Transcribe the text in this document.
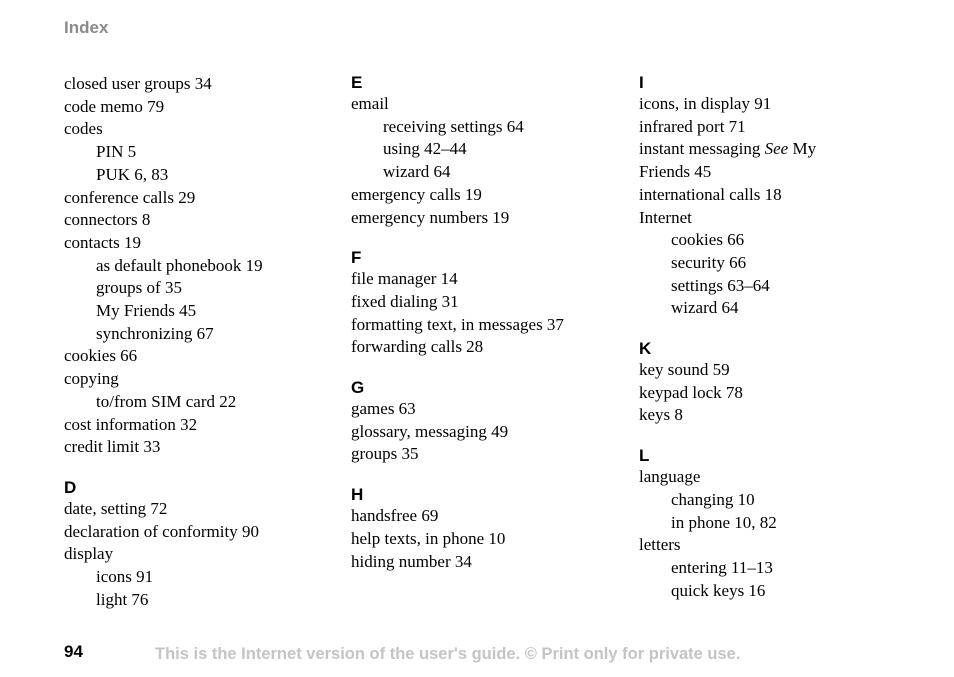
Index
closed user groups 34
code memo 79
codes
PIN 5
PUK 6, 83
conference calls 29
connectors 8
contacts 19
as default phonebook 19
groups of 35
My Friends 45
synchronizing 67
cookies 66
copying
to/from SIM card 22
cost information 32
credit limit 33
D
date, setting 72
declaration of conformity 90
display
icons 91
light 76
E
email
receiving settings 64
using 42–44
wizard 64
emergency calls 19
emergency numbers 19
F
file manager 14
fixed dialing 31
formatting text, in messages 37
forwarding calls 28
G
games 63
glossary, messaging 49
groups 35
H
handsfree 69
help texts, in phone 10
hiding number 34
I
icons, in display 91
infrared port 71
instant messaging See My
Friends 45
international calls 18
Internet
cookies 66
security 66
settings 63–64
wizard 64
K
key sound 59
keypad lock 78
keys 8
L
language
changing 10
in phone 10, 82
letters
entering 11–13
quick keys 16
94	This is the Internet version of the user's guide. © Print only for private use.
